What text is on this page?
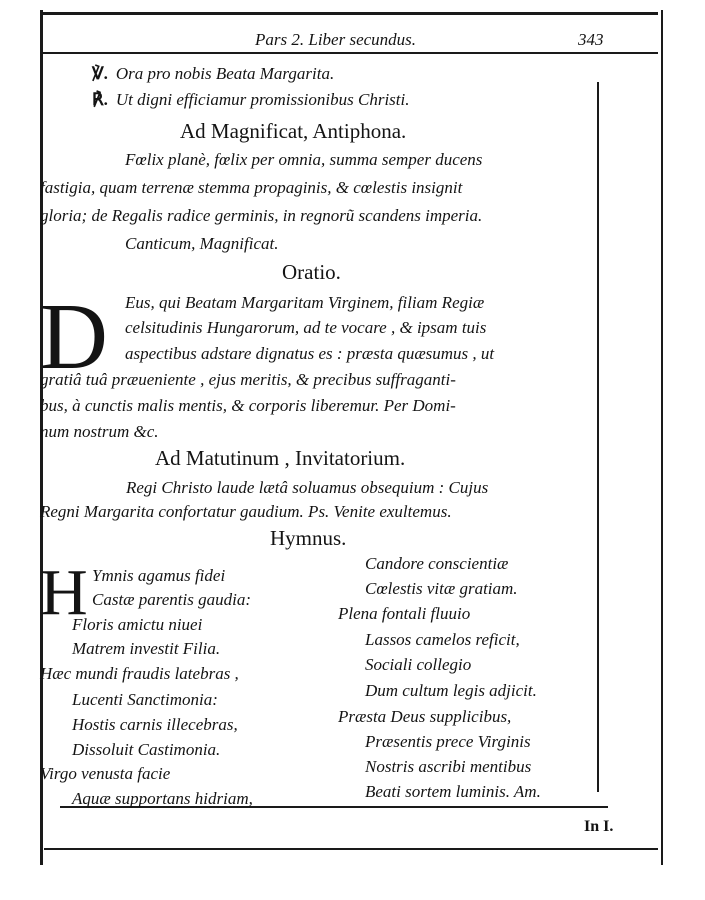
Pars 2. Liber secundus.	343
℣. Ora pro nobis Beata Margarita.
℟. Ut digni efficiamur promissionibus Christi.
Ad Magnificat, Antiphona.
Fœlix planè, fœlix per omnia, summa semper ducens
fastigia, quam terrenæ stemma propaginis, & cœlestis insignit
gloria; de Regalis radice germinis, in regnorũ scandens imperia.
Canticum, Magnificat.
Oratio.
D Eus, qui Beatam Margaritam Virginem, filiam Regiæ
celsitudinis Hungarorum, ad te vocare , & ipsam tuis
aspectibus adstare dignatus es : præsta quæsumus , ut
gratiâ tuâ præueniente , ejus meritis, & precibus suffraganti-
bus, à cunctis malis mentis, & corporis liberemur. Per Domi-
num nostrum &c.
Ad Matutinum , Invitatorium.
Regi Christo laude lætâ soluamus obsequium : Cujus
Regni Margarita confortatur gaudium. Ps. Venite exultemus.
Hymnus.
H Ymnis agamus fidei
Castæ parentis gaudia:
Floris amictu niuei
Matrem investit Filia.
Hæc mundi fraudis latebras ,
Lucenti Sanctimonia:
Hostis carnis illecebras,
Dissoluit Castimonia.
Virgo venusta facie
Aquæ supportans hidriam,
Candore conscientiæ
Cœlestis vitæ gratiam.
Plena fontali fluuio
Lassos camelos reficit,
Sociali collegio
Dum cultum legis adjicit.
Præsta Deus supplicibus,
Præsentis prece Virginis
Nostris ascribi mentibus
Beati sortem luminis. Am.
In I.
